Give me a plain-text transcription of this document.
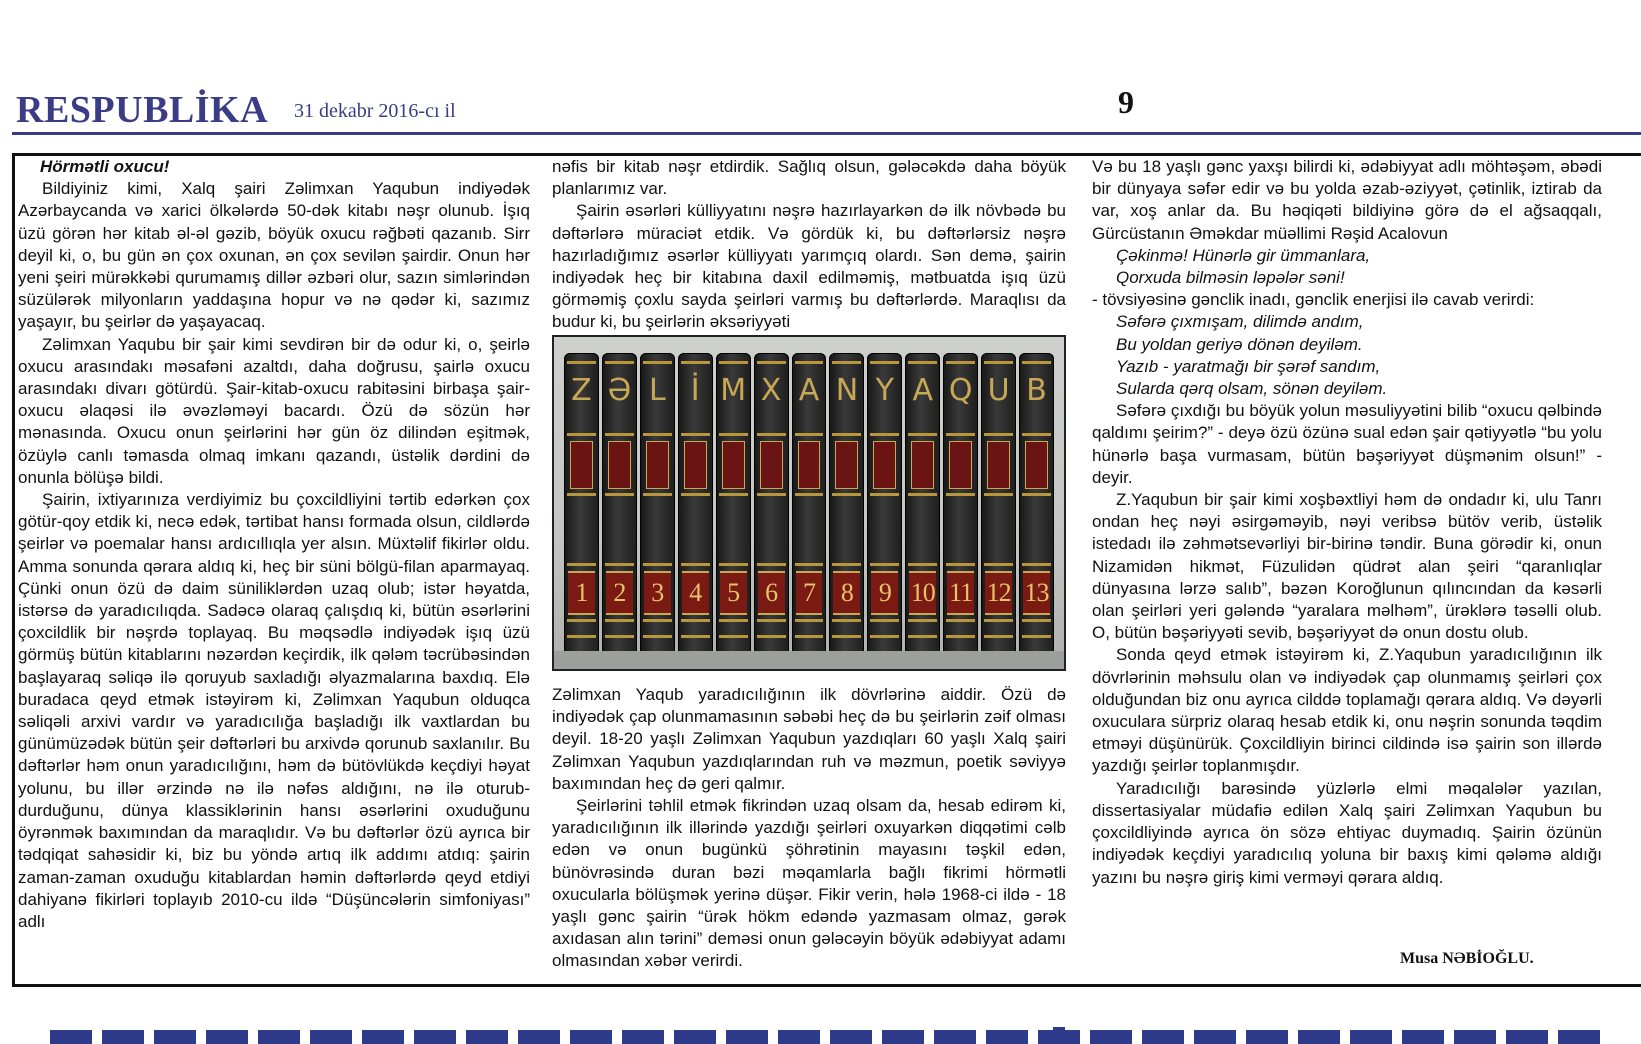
RESPUBLİKA 31 dekabr 2016-cı il	9

Hörmətli oxucu!

Bildiyiniz kimi, Xalq şairi Zəlimxan Yaqubun indiyədək Azərbaycanda və xarici ölkələrdə 50-dək kitabı nəşr olunub. İşıq üzü görən hər kitab əl-əl gəzib, böyük oxucu rəğbəti qazanıb. Sirr deyil ki, o, bu gün ən çox oxunan, ən çox sevilən şairdir. Onun hər yeni şeiri mürəkkəbi qurumamış dillər əzbəri olur, sazın simlərindən süzülərək milyonların yaddaşına hopur və nə qədər ki, sazımız yaşayır, bu şeirlər də yaşayacaq.

Zəlimxan Yaqubu bir şair kimi sevdirən bir də odur ki, o, şeirlə oxucu arasındakı məsafəni azaltdı, daha doğrusu, şairlə oxucu arasındakı divarı götürdü. Şair-kitab-oxucu rabitəsini birbaşa şair-oxucu əlaqəsi ilə əvəzləməyi bacardı. Özü də sözün hər mənasında. Oxucu onun şeirlərini hər gün öz dilindən eşitmək, özüylə canlı təmasda olmaq imkanı qazandı, üstəlik dərdini də onunla bölüşə bildi.

Şairin, ixtiyarınıza verdiyimiz bu çoxcildliyini tərtib edərkən çox götür-qoy etdik ki, necə edək, tərtibat hansı formada olsun, cildlərdə şeirlər və poemalar hansı ardıcıllıqla yer alsın. Müxtəlif fikirlər oldu. Amma sonunda qərara aldıq ki, heç bir süni bölgü-filan aparmayaq. Çünki onun özü də daim süniliklərdən uzaq olub; istər həyatda, istərsə də yaradıcılıqda. Sadəcə olaraq çalışdıq ki, bütün əsərlərini çoxcildlik bir nəşrdə toplayaq. Bu məqsədlə indiyədək işıq üzü görmüş bütün kitablarını nəzərdən keçirdik, ilk qələm təcrübəsindən başlayaraq səliqə ilə qoruyub saxladığı əlyazmalarına baxdıq. Elə buradaca qeyd etmək istəyirəm ki, Zəlimxan Yaqubun olduqca səliqəli arxivi vardır və yaradıcılığa başladığı ilk vaxtlardan bu günümüzədək bütün şeir dəftərləri bu arxivdə qorunub saxlanılır. Bu dəftərlər həm onun yaradıcılığını, həm də bütövlükdə keçdiyi həyat yolunu, bu illər ərzində nə ilə nəfəs aldığını, nə ilə oturub-durduğunu, dünya klassiklərinin hansı əsərlərini oxuduğunu öyrənmək baxımından da maraqlıdır. Və bu dəftərlər özü ayrıca bir tədqiqat sahəsidir ki, biz bu yöndə artıq ilk addımı atdıq: şairin zaman-zaman oxuduğu kitablardan həmin dəftərlərdə qeyd etdiyi dahiyanə fikirləri toplayıb 2010-cu ildə “Düşüncələrin simfoniyası” adlı

nəfis bir kitab nəşr etdirdik. Sağlıq olsun, gələcəkdə daha böyük planlarımız var.

Şairin əsərləri külliyyatını nəşrə hazırlayarkən də ilk növbədə bu dəftərlərə müraciət etdik. Və gördük ki, bu dəftərlərsiz nəşrə hazırladığımız əsərlər külliyyatı yarımçıq olardı. Sən demə, şairin indiyədək heç bir kitabına daxil edilməmiş, mətbuatda işıq üzü görməmiş çoxlu sayda şeirləri varmış bu dəftərlərdə. Maraqlısı da budur ki, bu şeirlərin əksəriyyəti

Z
1
Ə
2
L
3
İ
4
M
5
X
6
A
7
N
8
Y
9
A
10
Q
11
U
12
B
13

Zəlimxan Yaqub yaradıcılığının ilk dövrlərinə aiddir. Özü də indiyədək çap olunmamasının səbəbi heç də bu şeirlərin zəif olması deyil. 18-20 yaşlı Zəlimxan Yaqubun yazdıqları 60 yaşlı Xalq şairi Zəlimxan Yaqubun yazdıqlarından ruh və məzmun, poetik səviyyə baxımından heç də geri qalmır.

Şeirlərini təhlil etmək fikrindən uzaq olsam da, hesab edirəm ki, yaradıcılığının ilk illərində yazdığı şeirləri oxuyarkən diqqətimi cəlb edən və onun bugünkü şöhrətinin mayasını təşkil edən, bünövrəsində duran bəzi məqamlarla bağlı fikrimi hörmətli oxucularla bölüşmək yerinə düşər. Fikir verin, hələ 1968-ci ildə - 18 yaşlı gənc şairin “ürək hökm edəndə yazmasam olmaz, gərək axıdasan alın tərini” deməsi onun gələcəyin böyük ədəbiyyat adamı olmasından xəbər verirdi.

Və bu 18 yaşlı gənc yaxşı bilirdi ki, ədəbiyyat adlı möhtəşəm, əbədi bir dünyaya səfər edir və bu yolda əzab-əziyyət, çətinlik, iztirab da var, xoş anlar da. Bu həqiqəti bildiyinə görə də el ağsaqqalı, Gürcüstanın Əməkdar müəllimi Rəşid Acalovun

Çəkinmə! Hünərlə gir ümmanlara,
Qorxuda bilməsin ləpələr səni!

- tövsiyəsinə gənclik inadı, gənclik enerjisi ilə cavab verirdi:

Səfərə çıxmışam, dilimdə andım,
Bu yoldan geriyə dönən deyiləm.
Yazıb - yaratmağı bir şərəf sandım,
Sularda qərq olsam, sönən deyiləm.

Səfərə çıxdığı bu böyük yolun məsuliyyətini bilib “oxucu qəlbində qaldımı şeirim?” - deyə özü özünə sual edən şair qətiyyətlə “bu yolu hünərlə başa vurmasam, bütün bəşəriyyət düşmənim olsun!” - deyir.

Z.Yaqubun bir şair kimi xoşbəxtliyi həm də ondadır ki, ulu Tanrı ondan heç nəyi əsirgəməyib, nəyi veribsə bütöv verib, üstəlik istedadı ilə zəhmətsevərliyi bir-birinə təndir. Buna görədir ki, onun Nizamidən hikmət, Füzulidən qüdrət alan şeiri “qaranlıqlar dünyasına lərzə salıb”, bəzən Koroğlunun qılıncından da kəsərli olan şeirləri yeri gələndə “yaralara məlhəm”, ürəklərə təsəlli olub. O, bütün bəşəriyyəti sevib, bəşəriyyət də onun dostu olub.

Sonda qeyd etmək istəyirəm ki, Z.Yaqubun yaradıcılığının ilk dövrlərinin məhsulu olan və indiyədək çap olunmamış şeirləri çox olduğundan biz onu ayrıca cilddə toplamağı qərara aldıq. Və dəyərli oxuculara sürpriz olaraq hesab etdik ki, onu nəşrin sonunda təqdim etməyi düşünürük. Çoxcildliyin birinci cildində isə şairin son illərdə yazdığı şeirlər toplanmışdır.

Yaradıcılığı barəsində yüzlərlə elmi məqalələr yazılan, dissertasiyalar müdafiə edilən Xalq şairi Zəlimxan Yaqubun bu çoxcildliyində ayrıca ön sözə ehtiyac duymadıq. Şairin özünün indiyədək keçdiyi yaradıcılıq yoluna bir baxış kimi qələmə aldığı yazını bu nəşrə giriş kimi verməyi qərara aldıq.

Musa NƏBİOĞLU.
